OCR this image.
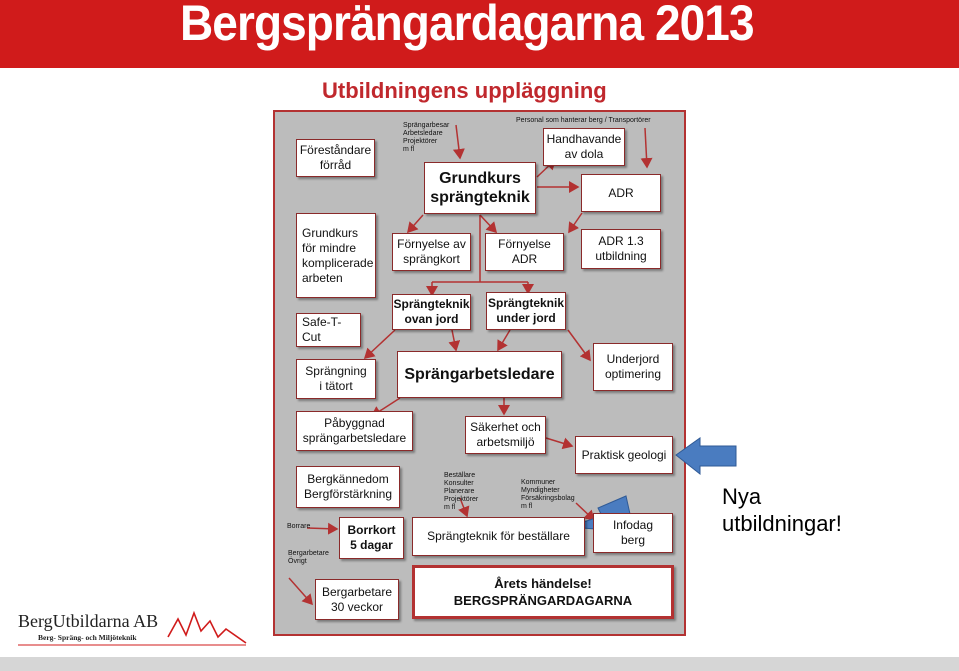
Bergsprängardagarna 2013
Utbildningens uppläggning
Sprängarbesar
Arbetsledare
Projektörer
m fl
Personal som hanterar berg / Transportörer
Beställare
Konsulter
Planerare
Projektörer
m fl
Kommuner
Myndigheter
Försäkringsbolag
m fl
Borrare
Bergarbetare
Övrigt
Föreståndare
förråd
Grundkurs
sprängteknik
Handhavande
av dola
ADR
Grundkurs
för mindre
komplicerade
arbeten
Förnyelse av
sprängkort
Förnyelse
ADR
ADR 1.3
utbildning
Safe-T-Cut
Sprängteknik
ovan jord
Sprängteknik
under jord
Sprängning
i tätort
Sprängarbetsledare
Underjord
optimering
Påbyggnad
sprängarbetsledare
Säkerhet och
arbetsmiljö
Praktisk geologi
Bergkännedom
Bergförstärkning
Borrkort
5 dagar
Sprängteknik för beställare
Infodag
berg
Bergarbetare
30 veckor
Årets händelse!
BERGSPRÄNGARDAGARNA
Nya
utbildningar!
BergUtbildarna AB
Berg- Spräng- och Miljöteknik
